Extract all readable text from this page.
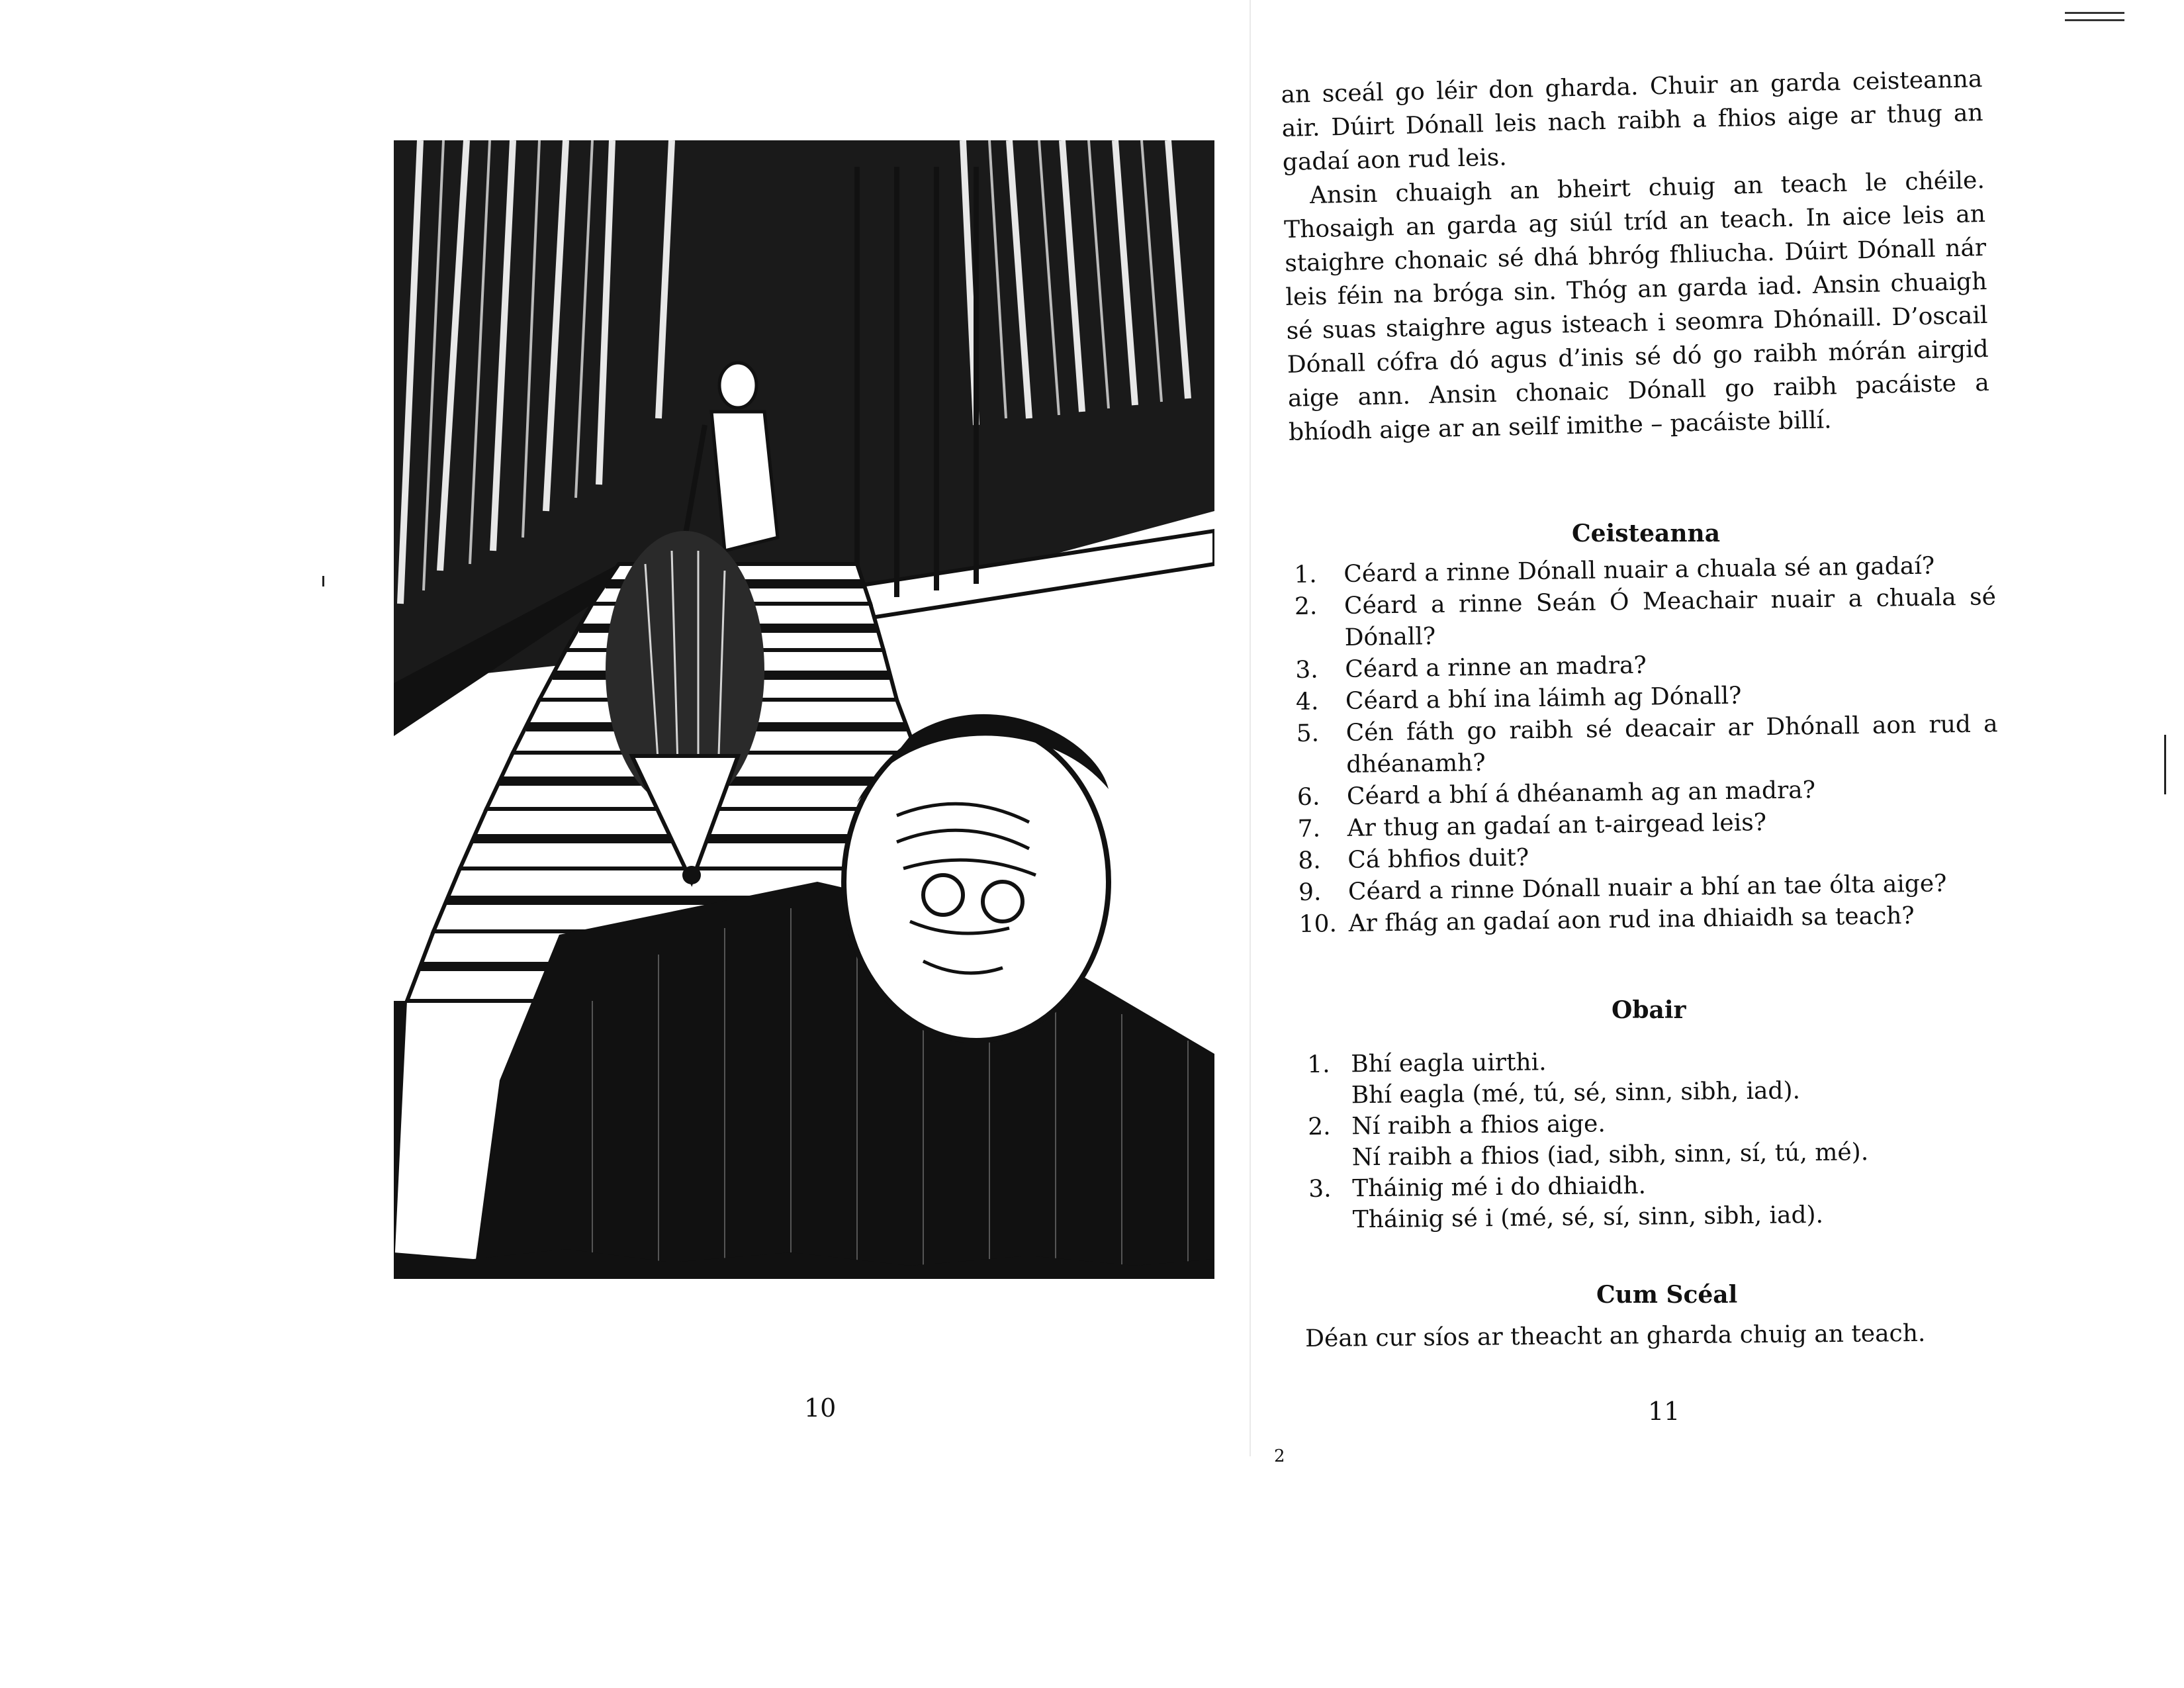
10

an sceál go léir don gharda. Chuir an garda ceisteanna air. Dúirt Dónall leis nach raibh a fhios aige ar thug an gadaí aon rud leis.

Ansin chuaigh an bheirt chuig an teach le chéile. Thosaigh an garda ag siúl tríd an teach. In aice leis an staighre chonaic sé dhá bhróg fhliucha. Dúirt Dónall nár leis féin na bróga sin. Thóg an garda iad. Ansin chuaigh sé suas staighre agus isteach i seomra Dhónaill. D’oscail Dónall cófra dó agus d’inis sé dó go raibh mórán airgid aige ann. Ansin chonaic Dónall go raibh pacáiste a bhíodh aige ar an seilf imithe – pacáiste billí.

Ceisteanna
1.	Céard a rinne Dónall nuair a chuala sé an gadaí?
2.	Céard a rinne Seán Ó Meachair nuair a chuala sé Dónall?
3.	Céard a rinne an madra?
4.	Céard a bhí ina láimh ag Dónall?
5.	Cén fáth go raibh sé deacair ar Dhónall aon rud a dhéanamh?
6.	Céard a bhí á dhéanamh ag an madra?
7.	Ar thug an gadaí an t-airgead leis?
8.	Cá bhfios duit?
9.	Céard a rinne Dónall nuair a bhí an tae ólta aige?
10. Ar fhág an gadaí aon rud ina dhiaidh sa teach?
Obair
1. Bhí eagla uirthi.
Bhí eagla (mé, tú, sé, sinn, sibh, iad).
2. Ní raibh a fhios aige.
Ní raibh a fhios (iad, sibh, sinn, sí, tú, mé).
3. Tháinig mé i do dhiaidh.
Tháinig sé i (mé, sé, sí, sinn, sibh, iad).
Cum Scéal
Déan cur síos ar theacht an gharda chuig an teach.
11
2
